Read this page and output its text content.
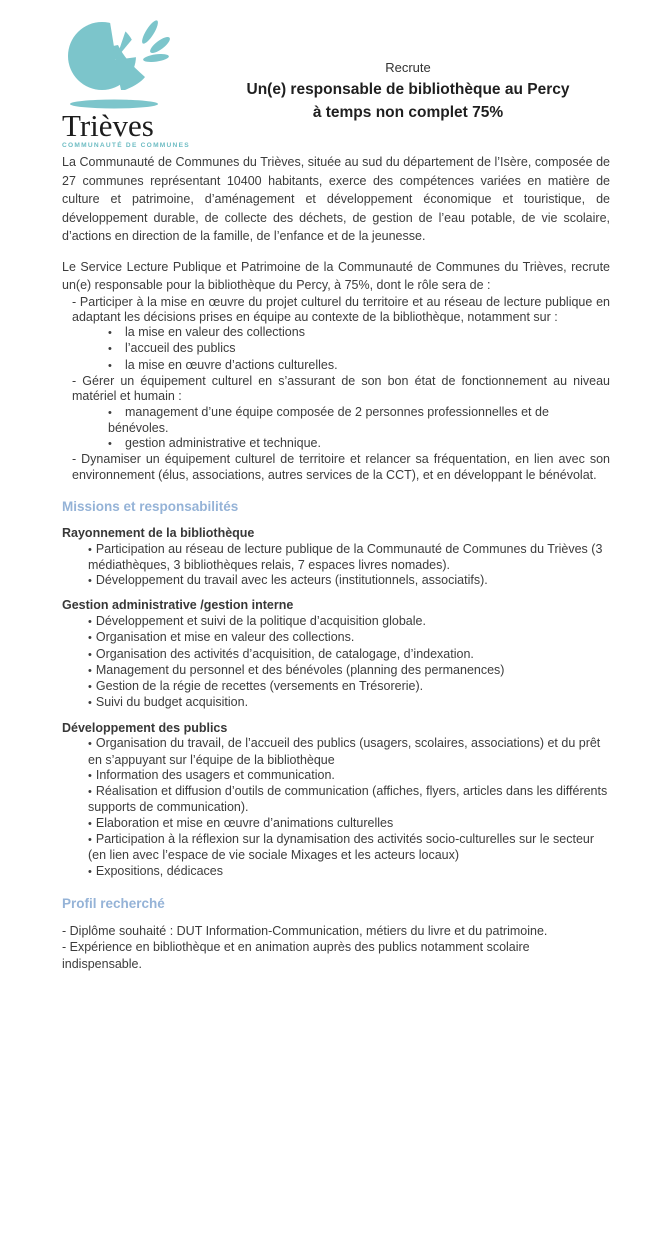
Trièves
COMMUNAUTÉ DE COMMUNES
Recrute
Un(e) responsable de bibliothèque au Percy
à temps non complet 75%

La Communauté de Communes du Trièves, située au sud du département de l’Isère, composée de 27 communes représentant 10400 habitants, exerce des compétences variées en matière de culture et patrimoine, d’aménagement et développement économique et touristique, de développement durable, de collecte des déchets, de gestion de l’eau potable, de vie scolaire, d’actions en direction de la famille, de l’enfance et de la jeunesse.

Le Service Lecture Publique et Patrimoine de la Communauté de Communes du Trièves, recrute un(e) responsable pour la bibliothèque du Percy, à 75%, dont le rôle sera de :

- Participer à la mise en œuvre du projet culturel du territoire et au réseau de lecture publique en adaptant les décisions prises en équipe au contexte de la bibliothèque, notamment sur :
• la mise en valeur des collections
• l’accueil des publics
• la mise en œuvre d’actions culturelles.
- Gérer un équipement culturel en s’assurant de son bon état de fonctionnement au niveau matériel et humain :
• management d’une équipe composée de 2 personnes professionnelles et de bénévoles.
• gestion administrative et technique.
- Dynamiser un équipement culturel de territoire et relancer sa fréquentation, en lien avec son environnement (élus, associations, autres services de la CCT), et en développant le bénévolat.
Missions et responsabilités
Rayonnement de la bibliothèque
• Participation au réseau de lecture publique de la Communauté de Communes du Trièves (3 médiathèques, 3 bibliothèques relais, 7 espaces livres nomades).
• Développement du travail avec les acteurs (institutionnels, associatifs).
Gestion administrative /gestion interne
• Développement et suivi de la politique d’acquisition globale.
• Organisation et mise en valeur des collections.
• Organisation des activités d’acquisition, de catalogage, d’indexation.
• Management du personnel et des bénévoles (planning des permanences)
• Gestion de la régie de recettes (versements en Trésorerie).
• Suivi du budget acquisition.
Développement des publics
• Organisation du travail, de l’accueil des publics (usagers, scolaires, associations) et du prêt en s’appuyant sur l’équipe de la bibliothèque
• Information des usagers et communication.
• Réalisation et diffusion d’outils de communication (affiches, flyers, articles dans les différents supports de communication).
• Elaboration et mise en œuvre d’animations culturelles
• Participation à la réflexion sur la dynamisation des activités socio-culturelles sur le secteur (en lien avec l’espace de vie sociale Mixages et les acteurs locaux)
• Expositions, dédicaces
Profil recherché
- Diplôme souhaité : DUT Information-Communication, métiers du livre et du patrimoine.
- Expérience en bibliothèque et en animation auprès des publics notamment scolaire indispensable.
